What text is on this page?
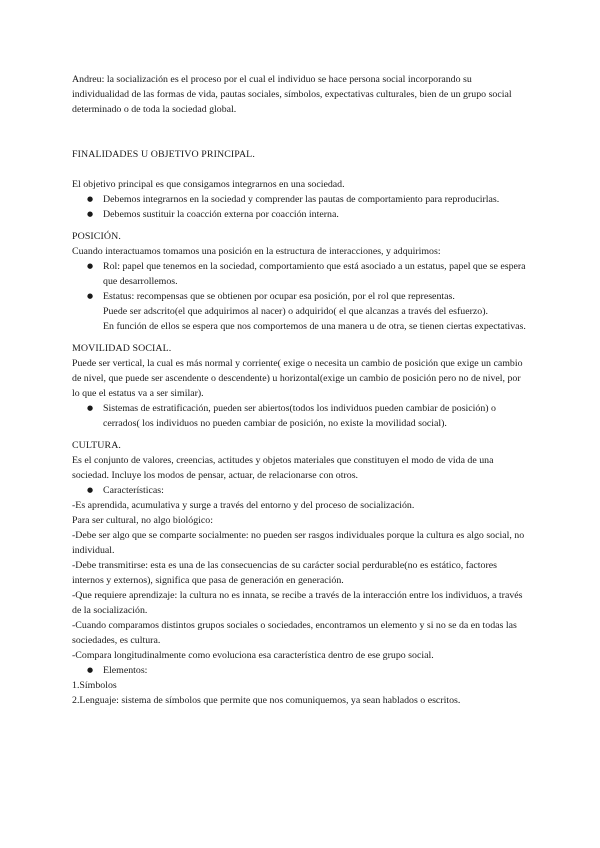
Andreu: la socialización es el proceso por el cual el individuo se hace persona social incorporando su individualidad de las formas de vida, pautas sociales, símbolos, expectativas culturales, bien de un grupo social determinado o de toda la sociedad global.

FINALIDADES U OBJETIVO PRINCIPAL.

El objetivo principal es que consigamos integrarnos en una sociedad.

● Debemos integrarnos en la sociedad y comprender las pautas de comportamiento para reproducirlas.
● Debemos sustituir la coacción externa por coacción interna.

POSICIÓN.

Cuando interactuamos tomamos una posición en la estructura de interacciones, y adquirimos:

● Rol: papel que tenemos en la sociedad, comportamiento que está asociado a un estatus, papel que se espera que desarrollemos.
● Estatus: recompensas que se obtienen por ocupar esa posición, por el rol que representas.
Puede ser adscrito(el que adquirimos al nacer) o adquirido( el que alcanzas a través del esfuerzo).
En función de ellos se espera que nos comportemos de una manera u de otra, se tienen ciertas expectativas.

MOVILIDAD SOCIAL.

Puede ser vertical, la cual es más normal y corriente( exige o necesita un cambio de posición que exige un cambio de nivel, que puede ser ascendente o descendente) u horizontal(exige un cambio de posición pero no de nivel, por lo que el estatus va a ser similar).

● Sistemas de estratificación, pueden ser abiertos(todos los individuos pueden cambiar de posición) o cerrados( los individuos no pueden cambiar de posición, no existe la movilidad social).

CULTURA.

Es el conjunto de valores, creencias, actitudes y objetos materiales que constituyen el modo de vida de una sociedad. Incluye los modos de pensar, actuar, de relacionarse con otros.

● Características:

-Es aprendida, acumulativa y surge a través del entorno y del proceso de socialización.

Para ser cultural, no algo biológico:

-Debe ser algo que se comparte socialmente: no pueden ser rasgos individuales porque la cultura es algo social, no individual.

-Debe transmitirse: esta es una de las consecuencias de su carácter social perdurable(no es estático, factores internos y externos), significa que pasa de generación en generación.

-Que requiere aprendizaje: la cultura no es innata, se recibe a través de la interacción entre los individuos, a través de la socialización.

-Cuando comparamos distintos grupos sociales o sociedades, encontramos un elemento y si no se da en todas las sociedades, es cultura.

-Compara longitudinalmente como evoluciona esa característica dentro de ese grupo social.

● Elementos:

1.Símbolos

2.Lenguaje: sistema de símbolos que permite que nos comuniquemos, ya sean hablados o escritos.
